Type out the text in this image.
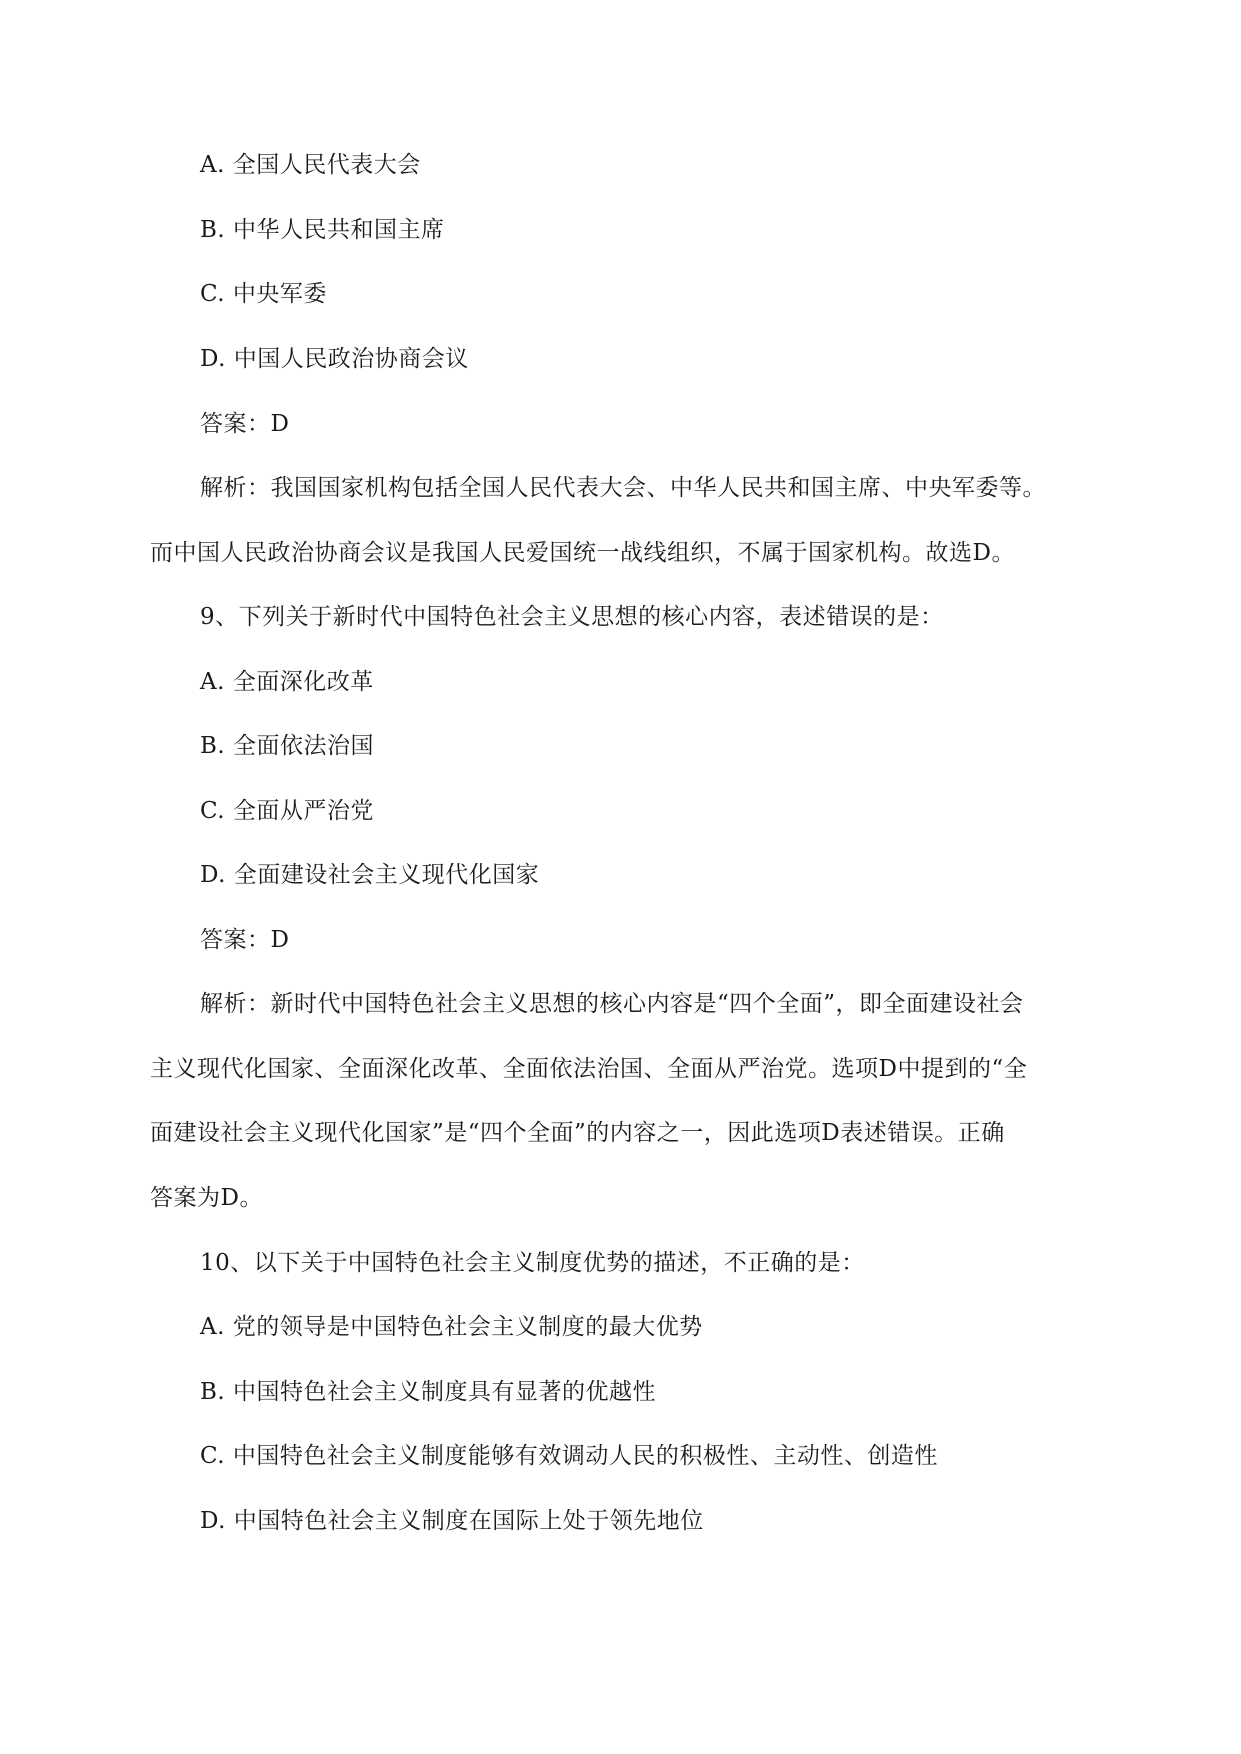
A. 全国人民代表大会
B. 中华人民共和国主席
C. 中央军委
D. 中国人民政治协商会议
答案：D
解析：我国国家机构包括全国人民代表大会、中华人民共和国主席、中央军委等。
而中国人民政治协商会议是我国人民爱国统一战线组织，不属于国家机构。故选D。
9、下列关于新时代中国特色社会主义思想的核心内容，表述错误的是：
A. 全面深化改革
B. 全面依法治国
C. 全面从严治党
D. 全面建设社会主义现代化国家
答案：D
解析：新时代中国特色社会主义思想的核心内容是“四个全面”，即全面建设社会
主义现代化国家、全面深化改革、全面依法治国、全面从严治党。选项D中提到的“全
面建设社会主义现代化国家”是“四个全面”的内容之一，因此选项D表述错误。正确
答案为D。
10、以下关于中国特色社会主义制度优势的描述，不正确的是：
A. 党的领导是中国特色社会主义制度的最大优势
B. 中国特色社会主义制度具有显著的优越性
C. 中国特色社会主义制度能够有效调动人民的积极性、主动性、创造性
D. 中国特色社会主义制度在国际上处于领先地位
